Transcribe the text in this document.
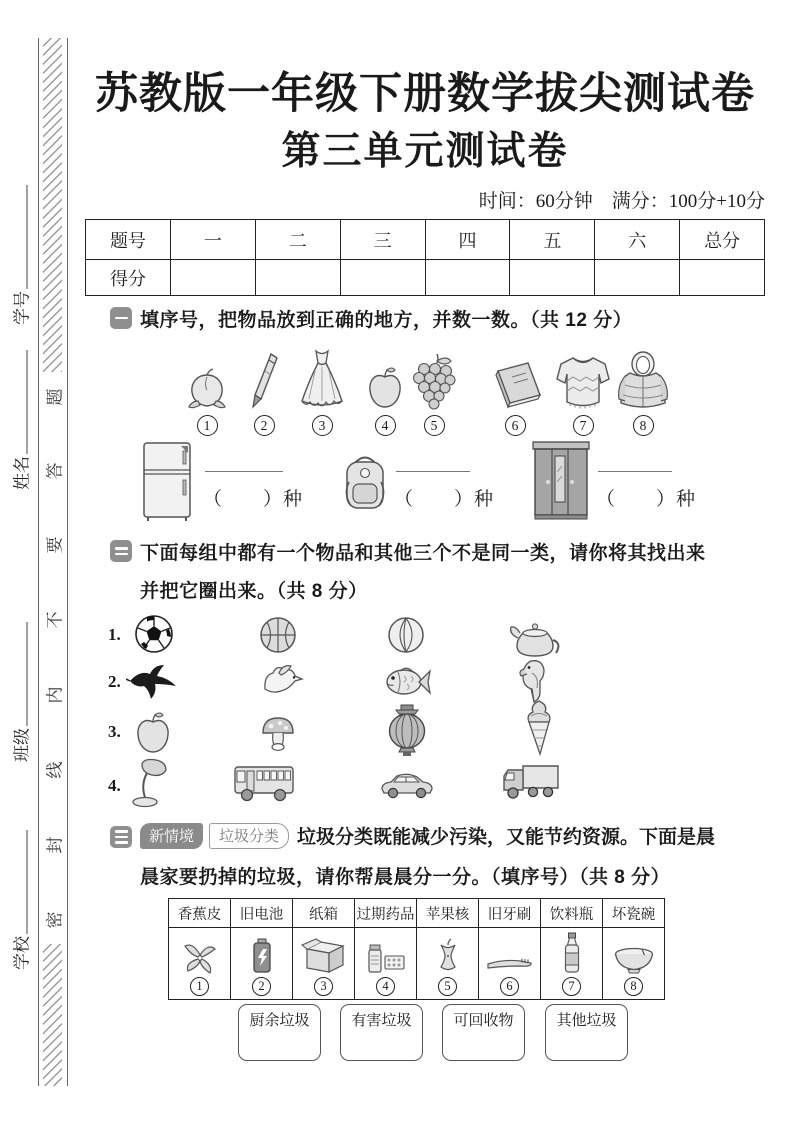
题
答
要
不
内
线
封
密
学号
姓名
班级
学校
苏教版一年级下册数学拔尖测试卷
第三单元测试卷
时间：60分钟　满分：100分+10分
题号	一	二	三	四	五	六	总分
得分							
填序号，把物品放到正确的地方，并数一数。（共 12 分）
1	2	3	4	5	6	7	8
（　　）种	（　　）种	（　　）种
下面每组中都有一个物品和其他三个不是同一类，请你将其找出来
并把它圈出来。（共 8 分）
1.
2.
3.
4.
新情境	垃圾分类 垃圾分类既能减少污染，又能节约资源。下面是晨
晨家要扔掉的垃圾，请你帮晨晨分一分。（填序号）（共 8 分）
香蕉皮	旧电池	纸箱	过期药品	苹果核	旧牙刷	饮料瓶	坏瓷碗

1	2	3	4	5	6	7	8
厨余垃圾	有害垃圾	可回收物	其他垃圾
